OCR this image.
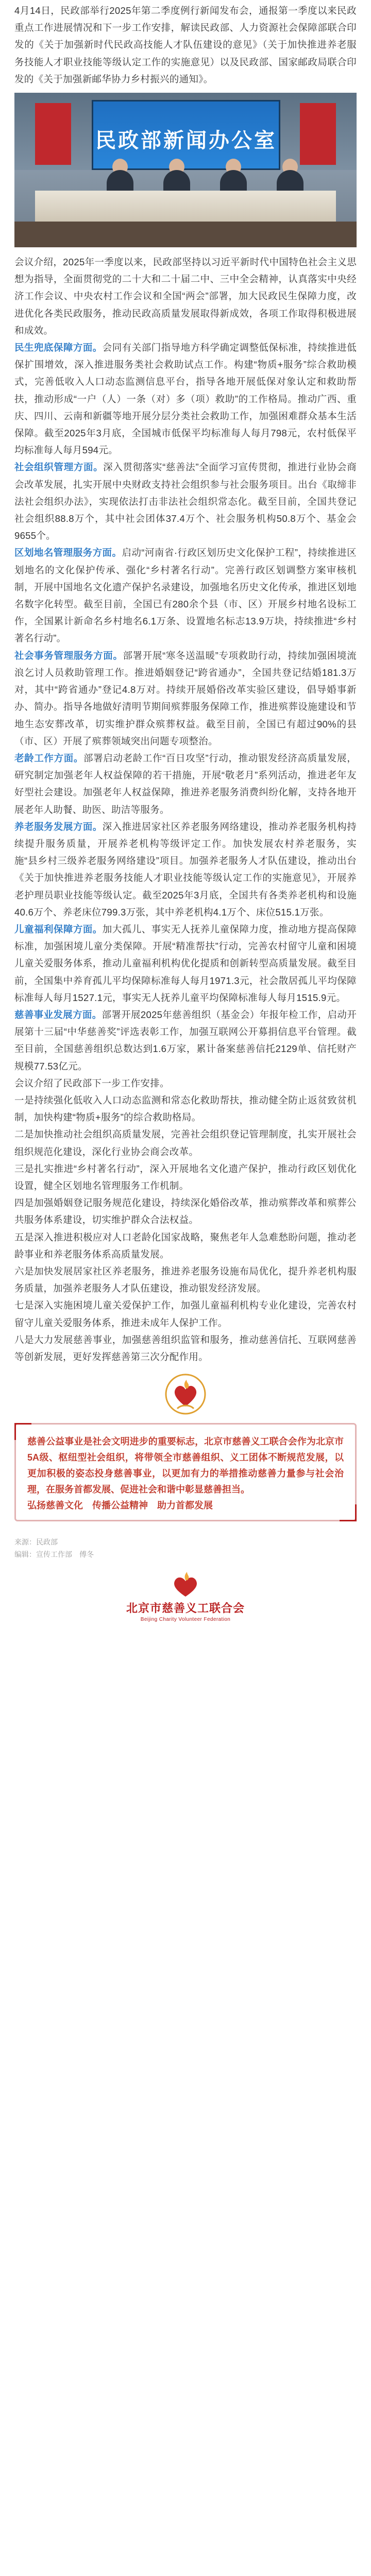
4月14日，民政部举行2025年第二季度例行新闻发布会，通报第一季度以来民政重点工作进展情况和下一步工作安排，解读民政部、人力资源社会保障部联合印发的《关于加强新时代民政高技能人才队伍建设的意见》（关于加快推进养老服务技能人才职业技能等级认定工作的实施意见）以及民政部、国家邮政局联合印发的《关于加强新邮华协力乡村振兴的通知》。

民政部新闻办公室

会议介绍，2025年一季度以来，民政部坚持以习近平新时代中国特色社会主义思想为指导，全面贯彻党的二十大和二十届二中、三中全会精神，认真落实中央经济工作会议、中央农村工作会议和全国“两会”部署，加大民政民生保障力度，改进优化各类民政服务，推动民政高质量发展取得新成效，各项工作取得积极进展和成效。

民生兜底保障方面。会同有关部门指导地方科学确定调整低保标准，持续推进低保扩围增效，深入推进服务类社会救助试点工作。构建“物质+服务”综合救助模式，完善低收入人口动态监测信息平台，指导各地开展低保对象认定和救助帮扶，推动形成“一户（人）一条（对）多（项）救助”的工作格局。推动广西、重庆、四川、云南和新疆等地开展分层分类社会救助工作，加强困难群众基本生活保障。截至2025年3月底，全国城市低保平均标准每人每月798元，农村低保平均标准每人每月594元。

社会组织管理方面。深入贯彻落实“慈善法”全面学习宣传贯彻，推进行业协会商会改革发展，扎实开展中央财政支持社会组织参与社会服务项目。出台《取缔非法社会组织办法》，实现依法打击非法社会组织常态化。截至目前，全国共登记社会组织88.8万个，其中社会团体37.4万个、社会服务机构50.8万个、基金会9655个。

区划地名管理服务方面。启动“河南省·行政区划历史文化保护工程”，持续推进区划地名的文化保护传承、强化“乡村著名行动”。完善行政区划调整方案审核机制，开展中国地名文化遗产保护名录建设，加强地名历史文化传承，推进区划地名数字化转型。截至目前，全国已有280余个县（市、区）开展乡村地名设标工作，全国累计新命名乡村地名6.1万条、设置地名标志13.9万块，持续推进“乡村著名行动”。

社会事务管理服务方面。部署开展“寒冬送温暖”专项救助行动，持续加强困境流浪乞讨人员救助管理工作。推进婚姻登记“跨省通办”，全国共登记结婚181.3万对，其中“跨省通办”登记4.8万对。持续开展婚俗改革实验区建设，倡导婚事新办、简办。指导各地做好清明节期间殡葬服务保障工作，推进殡葬设施建设和节地生态安葬改革，切实维护群众殡葬权益。截至目前，全国已有超过90%的县（市、区）开展了殡葬领域突出问题专项整治。

老龄工作方面。部署启动老龄工作“百日攻坚”行动，推动银发经济高质量发展，研究制定加强老年人权益保障的若干措施，开展“敬老月”系列活动，推进老年友好型社会建设。加强老年人权益保障，推进养老服务消费纠纷化解，支持各地开展老年人助餐、助医、助洁等服务。

养老服务发展方面。深入推进居家社区养老服务网络建设，推动养老服务机构持续提升服务质量，开展养老机构等级评定工作。加快发展农村养老服务，实施“县乡村三级养老服务网络建设”项目。加强养老服务人才队伍建设，推动出台《关于加快推进养老服务技能人才职业技能等级认定工作的实施意见》，开展养老护理员职业技能等级认定。截至2025年3月底，全国共有各类养老机构和设施40.6万个、养老床位799.3万张，其中养老机构4.1万个、床位515.1万张。

儿童福利保障方面。加大孤儿、事实无人抚养儿童保障力度，推动地方提高保障标准，加强困境儿童分类保障。开展“精准帮扶”行动，完善农村留守儿童和困境儿童关爱服务体系，推动儿童福利机构优化提质和创新转型高质量发展。截至目前，全国集中养育孤儿平均保障标准每人每月1971.3元，社会散居孤儿平均保障标准每人每月1527.1元，事实无人抚养儿童平均保障标准每人每月1515.9元。

慈善事业发展方面。部署开展2025年慈善组织（基金会）年报年检工作，启动开展第十三届“中华慈善奖”评选表彰工作，加强互联网公开募捐信息平台管理。截至目前，全国慈善组织总数达到1.6万家，累计备案慈善信托2129单、信托财产规模77.53亿元。

会议介绍了民政部下一步工作安排。

一是持续强化低收入人口动态监测和常态化救助帮扶，推动健全防止返贫致贫机制，加快构建“物质+服务”的综合救助格局。

二是加快推动社会组织高质量发展，完善社会组织登记管理制度，扎实开展社会组织规范化建设，深化行业协会商会改革。

三是扎实推进“乡村著名行动”，深入开展地名文化遗产保护，推动行政区划优化设置，健全区划地名管理服务工作机制。

四是加强婚姻登记服务规范化建设，持续深化婚俗改革，推动殡葬改革和殡葬公共服务体系建设，切实维护群众合法权益。

五是深入推进积极应对人口老龄化国家战略，聚焦老年人急难愁盼问题，推动老龄事业和养老服务体系高质量发展。

六是加快发展居家社区养老服务，推进养老服务设施布局优化，提升养老机构服务质量，加强养老服务人才队伍建设，推动银发经济发展。

七是深入实施困境儿童关爱保护工作，加强儿童福利机构专业化建设，完善农村留守儿童关爱服务体系，推进未成年人保护工作。

八是大力发展慈善事业，加强慈善组织监管和服务，推动慈善信托、互联网慈善等创新发展，更好发挥慈善第三次分配作用。

慈善公益事业是社会文明进步的重要标志，北京市慈善义工联合会作为北京市5A级、枢纽型社会组织，将带领全市慈善组织、义工团体不断规范发展，以更加积极的姿态投身慈善事业，以更加有力的举措推动慈善力量参与社会治理，在服务首都发展、促进社会和谐中彰显慈善担当。
弘扬慈善文化　传播公益精神　助力首都发展
来源：民政部
编辑：宣传工作部　傅冬
北京市慈善义工联合会
Beijing Charity Volunteer Federation
